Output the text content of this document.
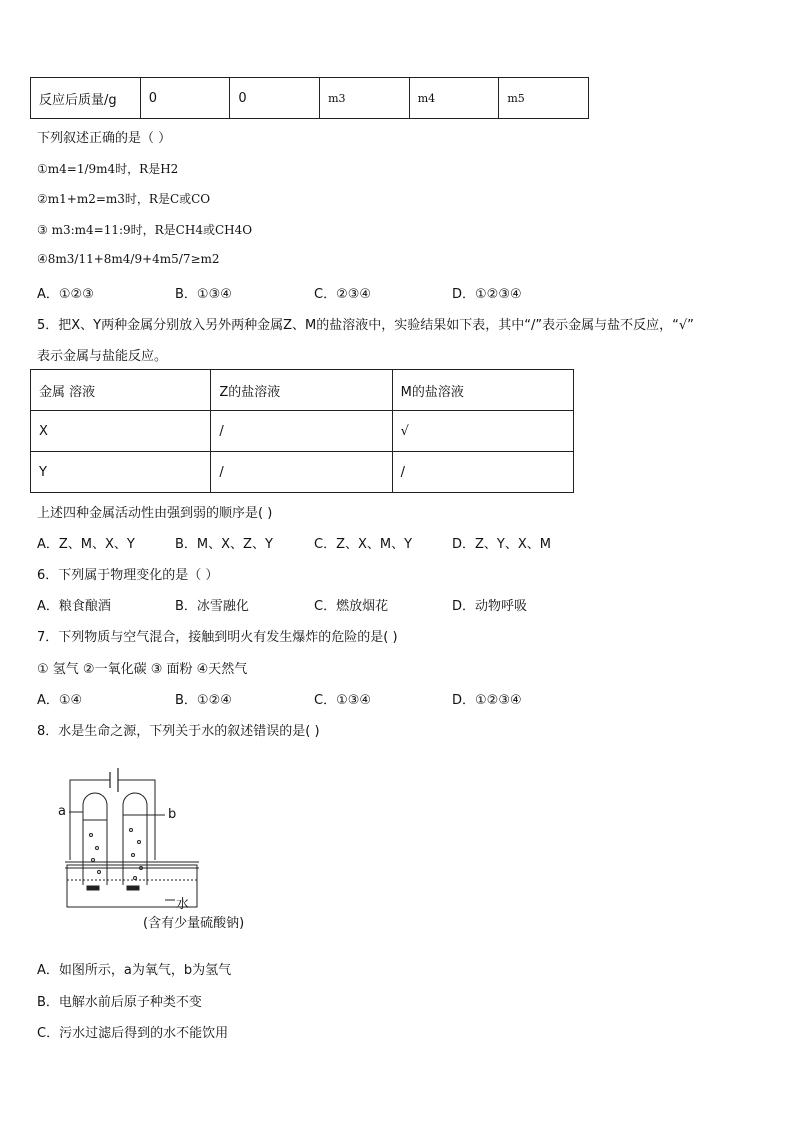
反应后质量/g	0	0	m3	m4	m5
下列叙述正确的是（ ）
①m4=1/9m4时，R是H2
②m1+m2=m3时，R是C或CO
③ m3:m4=11:9时，R是CH4或CH4O
④8m3/11+8m4/9+4m5/7≥m2
A．①②③	B．①③④	C．②③④	D．①②③④
5．把X、Y两种金属分别放入另外两种金属Z、M的盐溶液中，实验结果如下表，其中“/”表示金属与盐不反应，“√”
表示金属与盐能反应。
金属 溶液	Z的盐溶液	M的盐溶液
X	/	√
Y	/	/
上述四种金属活动性由强到弱的顺序是( )
A．Z、M、X、Y	B．M、X、Z、Y	C．Z、X、M、Y	D．Z、Y、X、M
6．下列属于物理变化的是（ ）
A．粮食酿酒	B．冰雪融化	C．燃放烟花	D．动物呼吸
7．下列物质与空气混合，接触到明火有发生爆炸的危险的是( )
① 氢气 ②一氧化碳 ③ 面粉 ④天然气
A．①④	B．①②④	C．①③④	D．①②③④
8．水是生命之源，下列关于水的叙述错误的是( )
a	b
水
(含有少量硫酸钠)
A．如图所示，a为氧气，b为氢气
B．电解水前后原子种类不变
C．污水过滤后得到的水不能饮用
